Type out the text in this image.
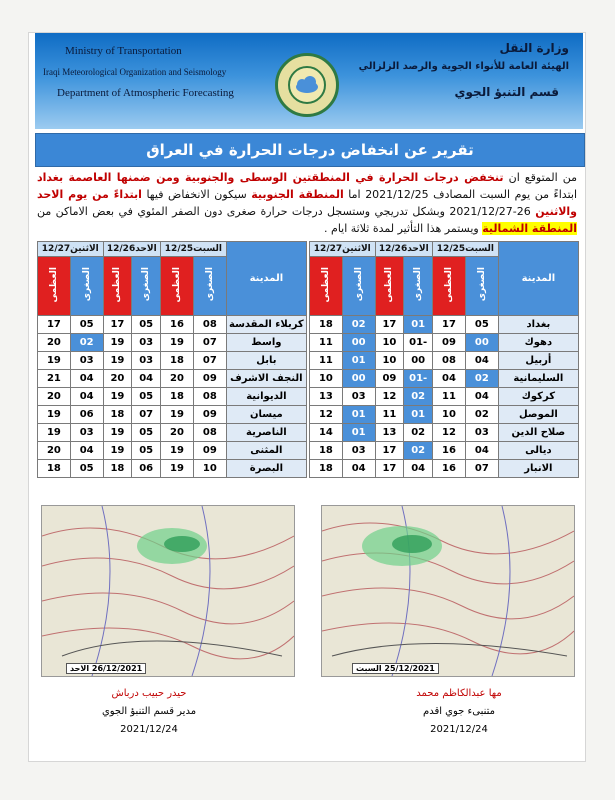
Ministry of Transportation
Iraqi Meteorological Organization and Seismology
Department of Atmospheric Forecasting
وزارة النقل
الهيئة العامة للأنواء الجوية والرصد الزلزالي
قسم التنبؤ الجوي
تقرير عن انخفاض درجات الحرارة في العراق
من المتوقع ان تنخفض درجات الحرارة في المنطقتين الوسطى والجنوبية ومن ضمنها العاصمة بغداد ابتداءً من يوم السبت المصادف 2021/12/25 اما المنطقة الجنوبية سيكون الانخفاض فيها ابتداءً من يوم الاحد والاثنين 26-2021/12/27 وبشكل تدريجي وستسجل درجات حرارة صغرى دون الصفر المئوي في بعض الاماكن من المنطقة الشمالية ويستمر هذا التأثير لمدة ثلاثة ايام .
المدينة	السبت12/25		الاحد12/26		الاثنين12/27	
	الصغرى	العظمى	الصغرى	العظمى	الصغرى	العظمى
بغداد	05	17	01	17	02	18
دهوك	00	09	-01	10	00	11
أربيل	04	08	00	10	01	11
السليمانية	02	04	-01	09	00	10
كركوك	04	11	02	12	03	13
الموصل	02	10	01	11	01	12
صلاح الدين	03	12	02	13	01	14
ديالى	04	16	02	17	03	18
الانبار	07	16	04	17	04	18
المدينة	السبت12/25		الاحد12/26		الاثنين12/27	
	الصغرى	العظمى	الصغرى	العظمى	الصغرى	العظمى
كربلاء المقدسة	08	16	05	17	05	17
واسط	07	19	03	19	02	20
بابل	07	18	03	19	03	19
النجف الاشرف	09	20	04	20	04	21
الديوانية	08	18	05	19	04	20
ميسان	09	19	07	18	06	19
الناصرية	08	20	05	19	03	19
المثنى	09	19	05	19	04	20
البصرة	10	19	06	18	05	18
26/12/2021 الاحد	25/12/2021 السبت
حيدر حبيب درباش
مدير قسم التنبؤ الجوي
2021/12/24
مها عبدالكاظم محمد
متنبىء جوي اقدم
2021/12/24
